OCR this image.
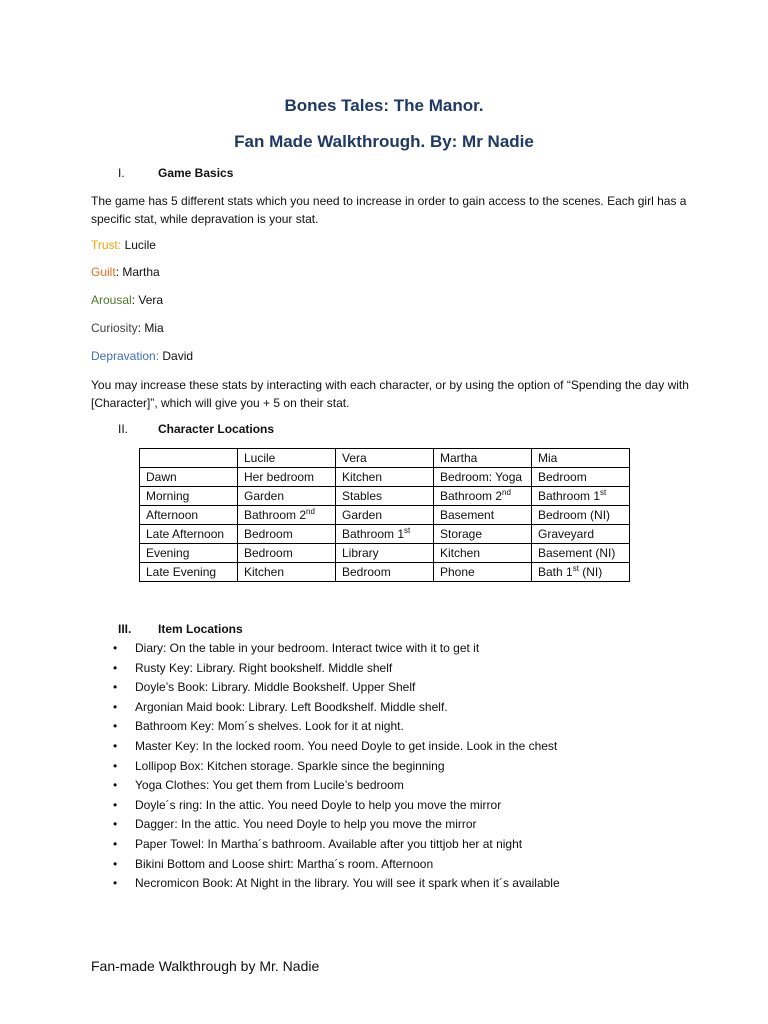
Bones Tales: The Manor.
Fan Made Walkthrough. By: Mr Nadie
I.	Game Basics
The game has 5 different stats which you need to increase in order to gain access to the scenes. Each girl has a specific stat, while depravation is your stat.
Trust: Lucile
Guilt: Martha
Arousal: Vera
Curiosity: Mia
Depravation: David
You may increase these stats by interacting with each character, or by using the option of “Spending the day with [Character]”, which will give you + 5 on their stat.
II. Character Locations
	Lucile	Vera	Martha	Mia
Dawn	Her bedroom	Kitchen	Bedroom: Yoga	Bedroom
Morning	Garden	Stables	Bathroom 2nd	Bathroom 1st
Afternoon	Bathroom 2nd	Garden	Basement	Bedroom (NI)
Late Afternoon	Bedroom	Bathroom 1st	Storage	Graveyard
Evening	Bedroom	Library	Kitchen	Basement (NI)
Late Evening	Kitchen	Bedroom	Phone	Bath 1st (NI)
III. Item Locations
• Diary: On the table in your bedroom. Interact twice with it to get it
• Rusty Key: Library. Right bookshelf. Middle shelf
• Doyle’s Book: Library. Middle Bookshelf. Upper Shelf
• Argonian Maid book: Library. Left Boodkshelf. Middle shelf.
• Bathroom Key: Mom´s shelves. Look for it at night.
• Master Key: In the locked room. You need Doyle to get inside. Look in the chest
• Lollipop Box: Kitchen storage. Sparkle since the beginning
• Yoga Clothes: You get them from Lucile’s bedroom
• Doyle´s ring: In the attic. You need Doyle to help you move the mirror
• Dagger: In the attic. You need Doyle to help you move the mirror
• Paper Towel: In Martha´s bathroom. Available after you tittjob her at night
• Bikini Bottom and Loose shirt: Martha´s room. Afternoon
• Necromicon Book: At Night in the library. You will see it spark when it´s available
Fan-made Walkthrough by Mr. Nadie
